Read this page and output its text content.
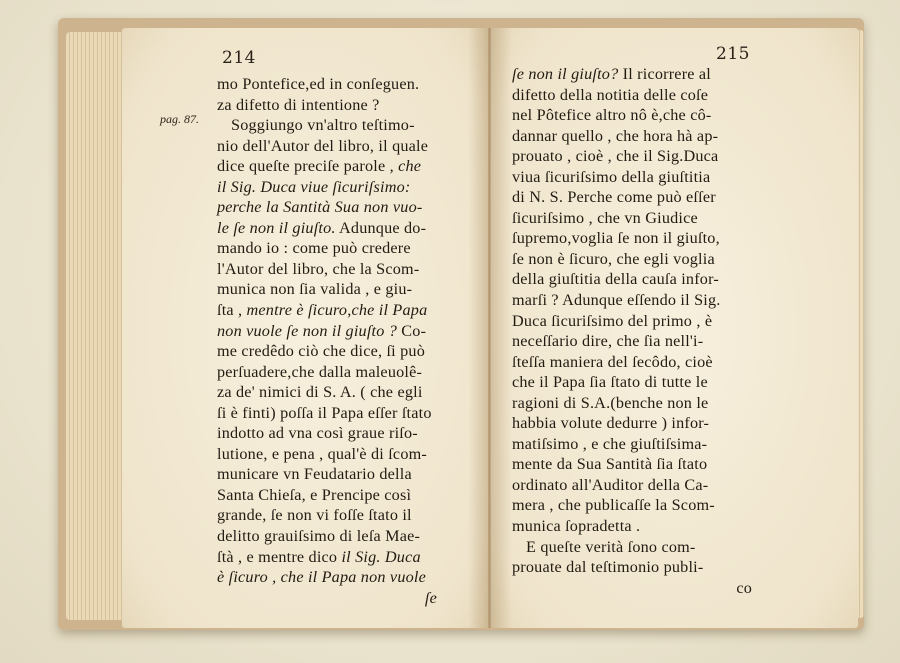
214	215
pag. 87.
mo Pontefice,ed in conſeguen.
za difetto di intentione ?
Soggiungo vn'altro teſtimo-
nio dell'Autor del libro, il quale
dice queſte preciſe parole , che
il Sig. Duca viue ſicuriſsimo:
perche la Santità Sua non vuo-
le ſe non il giuſto. Adunque do-
mando io : come può credere
l'Autor del libro, che la Scom-
munica non ſia valida , e giu-
ſta , mentre è ſicuro,che il Papa
non vuole ſe non il giuſto ? Co-
me credêdo ciò che dice, ſi può
perſuadere,che dalla maleuolê-
za de' nimici di S. A. ( che egli
ſi è finti) poſſa il Papa eſſer ſtato
indotto ad vna così graue riſo-
lutione, e pena , qual'è di ſcom-
municare vn Feudatario della
Santa Chieſa, e Prencipe così
grande, ſe non vi foſſe ſtato il
delitto grauiſsimo di leſa Mae-
ſtà , e mentre dico il Sig. Duca
è ſicuro , che il Papa non vuole
ſe
ſe non il giuſto? Il ricorrere al
difetto della notitia delle coſe
nel Pôtefice altro nô è,che cô-
dannar quello , che hora hà ap-
prouato , cioè , che il Sig.Duca
viua ſicuriſsimo della giuſtitia
di N. S. Perche come può eſſer
ſicuriſsimo , che vn Giudice
ſupremo,voglia ſe non il giuſto,
ſe non è ſicuro, che egli voglia
della giuſtitia della cauſa infor-
marſi ? Adunque eſſendo il Sig.
Duca ſicuriſsimo del primo , è
neceſſario dire, che ſia nell'i-
ſteſſa maniera del ſecôdo, cioè
che il Papa ſia ſtato di tutte le
ragioni di S.A.(benche non le
habbia volute dedurre ) infor-
matiſsimo , e che giuſtiſsima-
mente da Sua Santità ſia ſtato
ordinato all'Auditor della Ca-
mera , che publicaſſe la Scom-
munica ſopradetta .
E queſte verità ſono com-
prouate dal teſtimonio publi-
co
